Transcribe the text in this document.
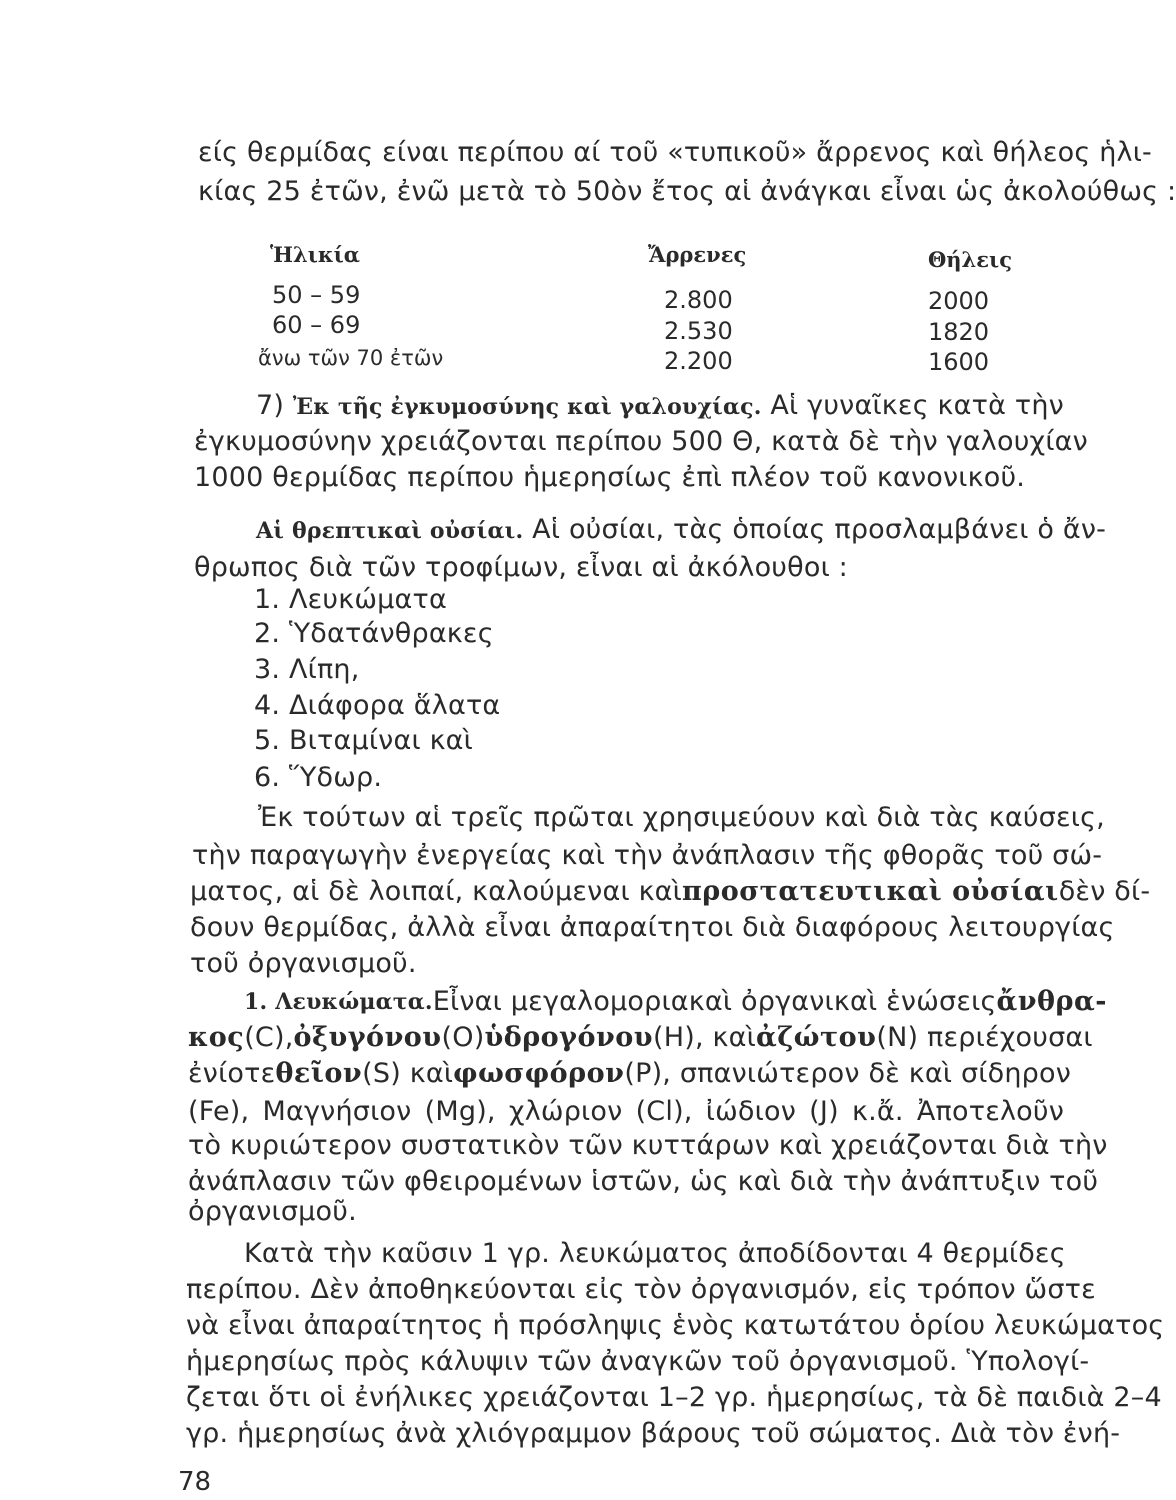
είς θερμίδας είναι περίπου αί τοῦ «τυπικοῦ» ἄρρενος καὶ θήλεος ἡλι-
κίας 25 ἐτῶν, ἐνῶ μετὰ τὸ 50ὸν ἔτος αἱ ἀνάγκαι εἶναι ὡς ἀκολούθως :
Ἡλικία	Ἄρρενες	Θήλεις
50 – 59	2.800	2000
60 – 69	2.530	1820
ἄνω τῶν 70 ἐτῶν	2.200	1600
7) Ἐκ τῆς ἐγκυμοσύνης καὶ γαλουχίας. Αἱ γυναῖκες κατὰ τὴν
ἐγκυμοσύνην χρειάζονται περίπου 500 Θ, κατὰ δὲ τὴν γαλουχίαν
1000 θερμίδας περίπου ἡμερησίως ἐπὶ πλέον τοῦ κανονικοῦ.
Αἱ θρεπτικαὶ οὐσίαι. Αἱ οὐσίαι, τὰς ὁποίας προσλαμβάνει ὁ ἄν-
θρωπος διὰ τῶν τροφίμων, εἶναι αἱ ἀκόλουθοι :
1. Λευκώματα
2. Ὑδατάνθρακες
3. Λίπη,
4. Διάφορα ἅλατα
5. Βιταμίναι καὶ
6. Ὕδωρ.
Ἐκ τούτων αἱ τρεῖς πρῶται χρησιμεύουν καὶ διὰ τὰς καύσεις,
τὴν παραγωγὴν ἐνεργείας καὶ τὴν ἀνάπλασιν τῆς φθορᾶς τοῦ σώ-
ματος, αἱ δὲ λοιπαί, καλούμεναι καὶ προστατευτικαὶ οὐσίαι δὲν δί-
δουν θερμίδας, ἀλλὰ εἶναι ἀπαραίτητοι διὰ διαφόρους λειτουργίας
τοῦ ὀργανισμοῦ.
1. Λευκώματα. Εἶναι μεγαλομοριακαὶ ὀργανικαὶ ἑνώσεις ἄνθρα-
κος (C), ὀξυγόνου (O) ὑδρογόνου (H), καὶ ἀζώτου (N) περιέχουσαι
ἐνίοτε θεῖον (S) καὶ φωσφόρον (P), σπανιώτερον δὲ καὶ σίδηρον
(Fe), Μαγνήσιον (Mg), χλώριον (Cl), ἰώδιον (J) κ.ἄ. Ἀποτελοῦν
τὸ κυριώτερον συστατικὸν τῶν κυττάρων καὶ χρειάζονται διὰ τὴν
ἀνάπλασιν τῶν φθειρομένων ἱστῶν, ὡς καὶ διὰ τὴν ἀνάπτυξιν τοῦ
ὀργανισμοῦ.
Κατὰ τὴν καῦσιν 1 γρ. λευκώματος ἀποδίδονται 4 θερμίδες
περίπου. Δὲν ἀποθηκεύονται εἰς τὸν ὀργανισμόν, εἰς τρόπον ὥστε
νὰ εἶναι ἀπαραίτητος ἡ πρόσληψις ἑνὸς κατωτάτου ὁρίου λευκώματος
ἡμερησίως πρὸς κάλυψιν τῶν ἀναγκῶν τοῦ ὀργανισμοῦ. Ὑπολογί-
ζεται ὅτι οἱ ἐνήλικες χρειάζονται 1–2 γρ. ἡμερησίως, τὰ δὲ παιδιὰ 2–4
γρ. ἡμερησίως ἀνὰ χλιόγραμμον βάρους τοῦ σώματος. Διὰ τὸν ἐνή-
78
